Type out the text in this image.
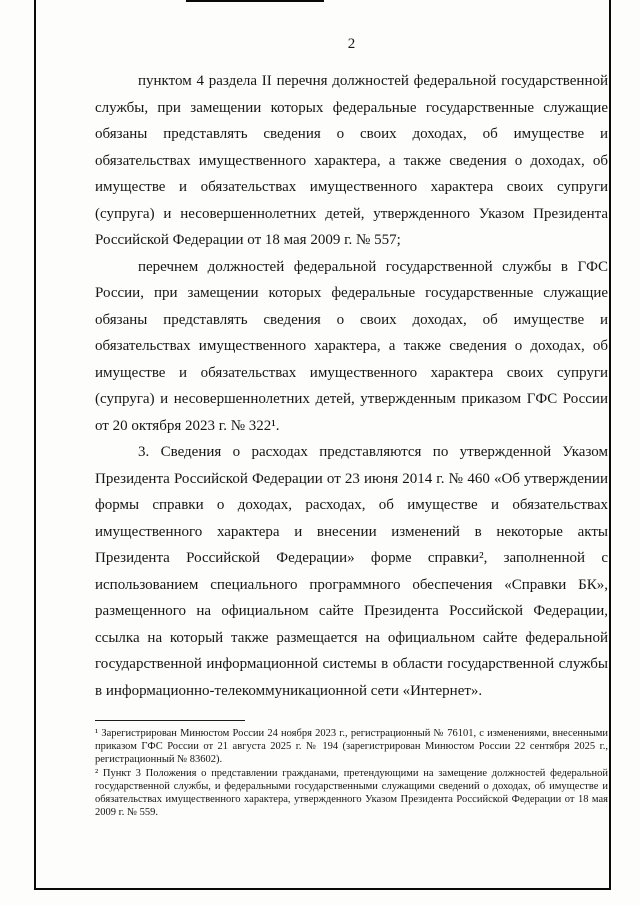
2

пунктом 4 раздела II перечня должностей федеральной государственной службы, при замещении которых федеральные государственные служащие обязаны представлять сведения о своих доходах, об имуществе и обязательствах имущественного характера, а также сведения о доходах, об имуществе и обязательствах имущественного характера своих супруги (супруга) и несовершеннолетних детей, утвержденного Указом Президента Российской Федерации от 18 мая 2009 г. № 557;

перечнем должностей федеральной государственной службы в ГФС России, при замещении которых федеральные государственные служащие обязаны представлять сведения о своих доходах, об имуществе и обязательствах имущественного характера, а также сведения о доходах, об имуществе и обязательствах имущественного характера своих супруги (супруга) и несовершеннолетних детей, утвержденным приказом ГФС России от 20 октября 2023 г. № 322¹.

3. Сведения о расходах представляются по утвержденной Указом Президента Российской Федерации от 23 июня 2014 г. № 460 «Об утверждении формы справки о доходах, расходах, об имуществе и обязательствах имущественного характера и внесении изменений в некоторые акты Президента Российской Федерации» форме справки², заполненной с использованием специального программного обеспечения «Справки БК», размещенного на официальном сайте Президента Российской Федерации, ссылка на который также размещается на официальном сайте федеральной государственной информационной системы в области государственной службы в информационно-телекоммуникационной сети «Интернет».

¹ Зарегистрирован Минюстом России 24 ноября 2023 г., регистрационный № 76101, с изменениями, внесенными приказом ГФС России от 21 августа 2025 г. № 194 (зарегистрирован Минюстом России 22 сентября 2025 г., регистрационный № 83602).

² Пункт 3 Положения о представлении гражданами, претендующими на замещение должностей федеральной государственной службы, и федеральными государственными служащими сведений о доходах, об имуществе и обязательствах имущественного характера, утвержденного Указом Президента Российской Федерации от 18 мая 2009 г. № 559.
